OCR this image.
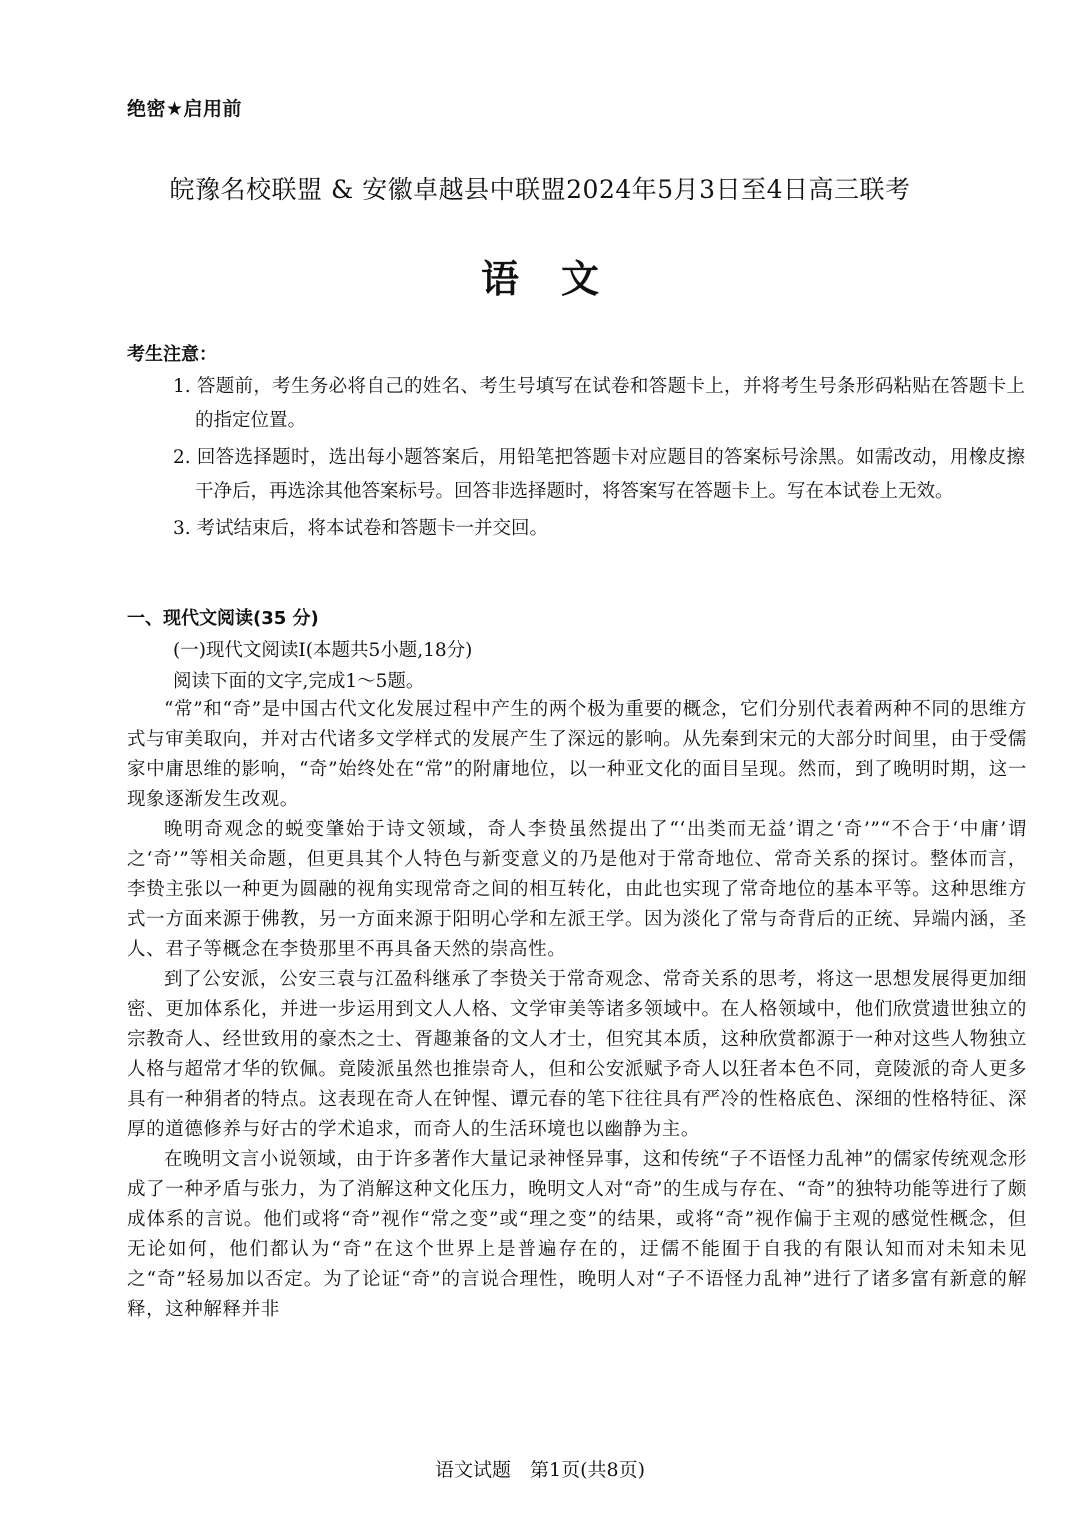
绝密★启用前
皖豫名校联盟 & 安徽卓越县中联盟2024年5月3日至4日高三联考
语文
考生注意：

1. 答题前，考生务必将自己的姓名、考生号填写在试卷和答题卡上，并将考生号条形码粘贴在答题卡上的指定位置。

2. 回答选择题时，选出每小题答案后，用铅笔把答题卡对应题目的答案标号涂黑。如需改动，用橡皮擦干净后，再选涂其他答案标号。回答非选择题时，将答案写在答题卡上。写在本试卷上无效。

3. 考试结束后，将本试卷和答题卡一并交回。

一、现代文阅读(35 分)
(一)现代文阅读Ⅰ(本题共5小题,18分)
阅读下面的文字,完成1～5题。

“常”和“奇”是中国古代文化发展过程中产生的两个极为重要的概念，它们分别代表着两种不同的思维方式与审美取向，并对古代诸多文学样式的发展产生了深远的影响。从先秦到宋元的大部分时间里，由于受儒家中庸思维的影响，“奇”始终处在“常”的附庸地位，以一种亚文化的面目呈现。然而，到了晚明时期，这一现象逐渐发生改观。

晚明奇观念的蜕变肇始于诗文领域，奇人李贽虽然提出了“‘出类而无益’谓之‘奇’”“不合于‘中庸’谓之‘奇’”等相关命题，但更具其个人特色与新变意义的乃是他对于常奇地位、常奇关系的探讨。整体而言，李贽主张以一种更为圆融的视角实现常奇之间的相互转化，由此也实现了常奇地位的基本平等。这种思维方式一方面来源于佛教，另一方面来源于阳明心学和左派王学。因为淡化了常与奇背后的正统、异端内涵，圣人、君子等概念在李贽那里不再具备天然的崇高性。

到了公安派，公安三袁与江盈科继承了李贽关于常奇观念、常奇关系的思考，将这一思想发展得更加细密、更加体系化，并进一步运用到文人人格、文学审美等诸多领域中。在人格领域中，他们欣赏遗世独立的宗教奇人、经世致用的豪杰之士、胥趣兼备的文人才士，但究其本质，这种欣赏都源于一种对这些人物独立人格与超常才华的钦佩。竟陵派虽然也推崇奇人，但和公安派赋予奇人以狂者本色不同，竟陵派的奇人更多具有一种狷者的特点。这表现在奇人在钟惺、谭元春的笔下往往具有严冷的性格底色、深细的性格特征、深厚的道德修养与好古的学术追求，而奇人的生活环境也以幽静为主。

在晚明文言小说领域，由于许多著作大量记录神怪异事，这和传统“子不语怪力乱神”的儒家传统观念形成了一种矛盾与张力，为了消解这种文化压力，晚明文人对“奇”的生成与存在、“奇”的独特功能等进行了颇成体系的言说。他们或将“奇”视作“常之变”或“理之变”的结果，或将“奇”视作偏于主观的感觉性概念，但无论如何，他们都认为“奇”在这个世界上是普遍存在的，迂儒不能囿于自我的有限认知而对未知未见之“奇”轻易加以否定。为了论证“奇”的言说合理性，晚明人对“子不语怪力乱神”进行了诸多富有新意的解释，这种解释并非

语文试题　第1页(共8页)
